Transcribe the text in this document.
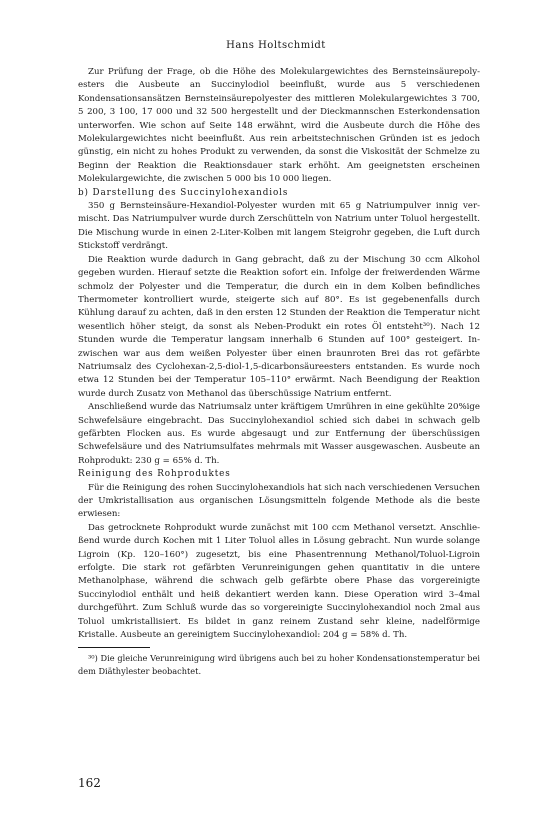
Hans Holtschmidt

Zur Prüfung der Frage, ob die Höhe des Molekulargewichtes des Bernsteinsäurepolyesters die Ausbeute an Succinylodiol beeinflußt, wurde aus 5 verschiedenen Kondensationsansätzen Bernsteinsäurepolyester des mittleren Molekulargewichtes 3 700, 5 200, 3 100, 17 000 und 32 500 hergestellt und der Dieckmannschen Esterkondensation unterworfen. Wie schon auf Seite 148 erwähnt, wird die Ausbeute durch die Höhe des Molekulargewichtes nicht beeinflußt. Aus rein arbeitstechnischen Gründen ist es jedoch günstig, ein nicht zu hohes Produkt zu verwenden, da sonst die Viskosität der Schmelze zu Beginn der Reaktion die Reaktionsdauer stark erhöht. Am geeignetsten erscheinen Molekulargewichte, die zwischen 5 000 bis 10 000 liegen.

b) Darstellung des Succinylohexandiols

350 g Bernsteinsäure-Hexandiol-Polyester wurden mit 65 g Natriumpulver innig vermischt. Das Natriumpulver wurde durch Zerschütteln von Natrium unter Toluol hergestellt. Die Mischung wurde in einen 2-Liter-Kolben mit langem Steigrohr gegeben, die Luft durch Stickstoff verdrängt.

Die Reaktion wurde dadurch in Gang gebracht, daß zu der Mischung 30 ccm Alkohol gegeben wurden. Hierauf setzte die Reaktion sofort ein. Infolge der freiwerdenden Wärme schmolz der Polyester und die Temperatur, die durch ein in dem Kolben befindliches Thermometer kontrolliert wurde, steigerte sich auf 80°. Es ist gegebenenfalls durch Kühlung darauf zu achten, daß in den ersten 12 Stunden der Reaktion die Temperatur nicht wesentlich höher steigt, da sonst als Neben-Produkt ein rotes Öl entsteht³⁰). Nach 12 Stunden wurde die Temperatur langsam innerhalb 6 Stunden auf 100° gesteigert. Inzwischen war aus dem weißen Polyester über einen braunroten Brei das rot gefärbte Natriumsalz des Cyclohexan-2,5-diol-1,5-dicarbonsäureesters entstanden. Es wurde noch etwa 12 Stunden bei der Temperatur 105–110° erwärmt. Nach Beendigung der Reaktion wurde durch Zusatz von Methanol das überschüssige Natrium entfernt.

Anschließend wurde das Natriumsalz unter kräftigem Umrühren in eine gekühlte 20%ige Schwefelsäure eingebracht. Das Succinylohexandiol schied sich dabei in schwach gelb gefärbten Flocken aus. Es wurde abgesaugt und zur Entfernung der überschüssigen Schwefelsäure und des Natriumsulfates mehrmals mit Wasser ausgewaschen. Ausbeute an Rohprodukt: 230 g = 65% d. Th.

Reinigung des Rohproduktes

Für die Reinigung des rohen Succinylohexandiols hat sich nach verschiedenen Versuchen der Umkristallisation aus organischen Lösungsmitteln folgende Methode als die beste erwiesen:

Das getrocknete Rohprodukt wurde zunächst mit 100 ccm Methanol versetzt. Anschließend wurde durch Kochen mit 1 Liter Toluol alles in Lösung gebracht. Nun wurde solange Ligroin (Kp. 120–160°) zugesetzt, bis eine Phasentrennung Methanol/Toluol-Ligroin erfolgte. Die stark rot gefärbten Verunreinigungen gehen quantitativ in die untere Methanolphase, während die schwach gelb gefärbte obere Phase das vorgereinigte Succinylodiol enthält und heiß dekantiert werden kann. Diese Operation wird 3–4mal durchgeführt. Zum Schluß wurde das so vorgereinigte Succinylohexandiol noch 2mal aus Toluol umkristallisiert. Es bildet in ganz reinem Zustand sehr kleine, nadelförmige Kristalle. Ausbeute an gereinigtem Succinylohexandiol: 204 g = 58% d. Th.

³⁰) Die gleiche Verunreinigung wird übrigens auch bei zu hoher Kondensationstemperatur bei dem Diäthylester beobachtet.

162
